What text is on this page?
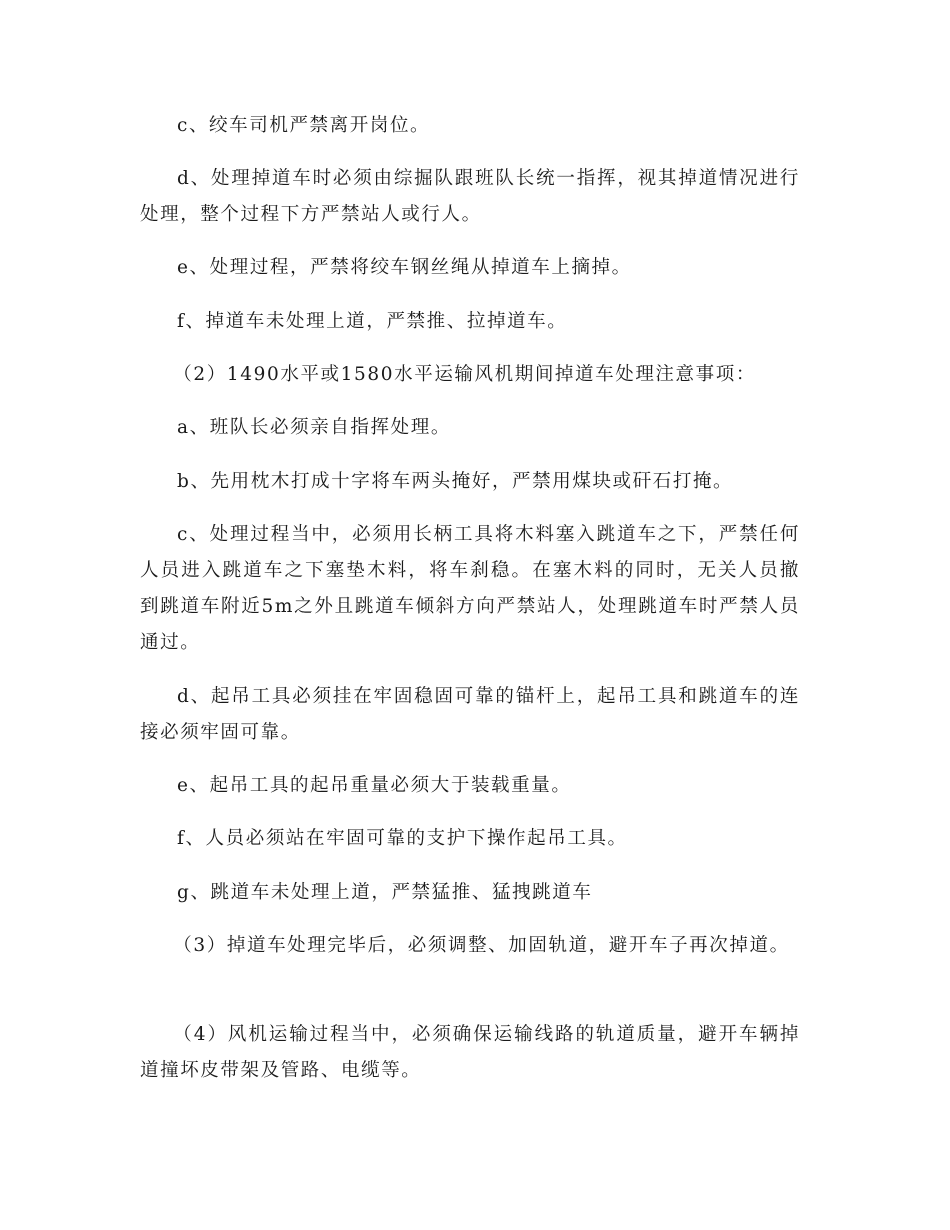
c、绞车司机严禁离开岗位。

d、处理掉道车时必须由综掘队跟班队长统一指挥，视其掉道情况进行处理，整个过程下方严禁站人或行人。

e、处理过程，严禁将绞车钢丝绳从掉道车上摘掉。

f、掉道车未处理上道，严禁推、拉掉道车。

（2）1490水平或1580水平运输风机期间掉道车处理注意事项：

a、班队长必须亲自指挥处理。

b、先用枕木打成十字将车两头掩好，严禁用煤块或矸石打掩。

c、处理过程当中，必须用长柄工具将木料塞入跳道车之下，严禁任何人员进入跳道车之下塞垫木料，将车刹稳。在塞木料的同时，无关人员撤到跳道车附近5m之外且跳道车倾斜方向严禁站人，处理跳道车时严禁人员通过。

d、起吊工具必须挂在牢固稳固可靠的锚杆上，起吊工具和跳道车的连接必须牢固可靠。

e、起吊工具的起吊重量必须大于装载重量。

f、人员必须站在牢固可靠的支护下操作起吊工具。

g、跳道车未处理上道，严禁猛推、猛拽跳道车

（3）掉道车处理完毕后，必须调整、加固轨道，避开车子再次掉道。

（4）风机运输过程当中，必须确保运输线路的轨道质量，避开车辆掉道撞坏皮带架及管路、电缆等。
